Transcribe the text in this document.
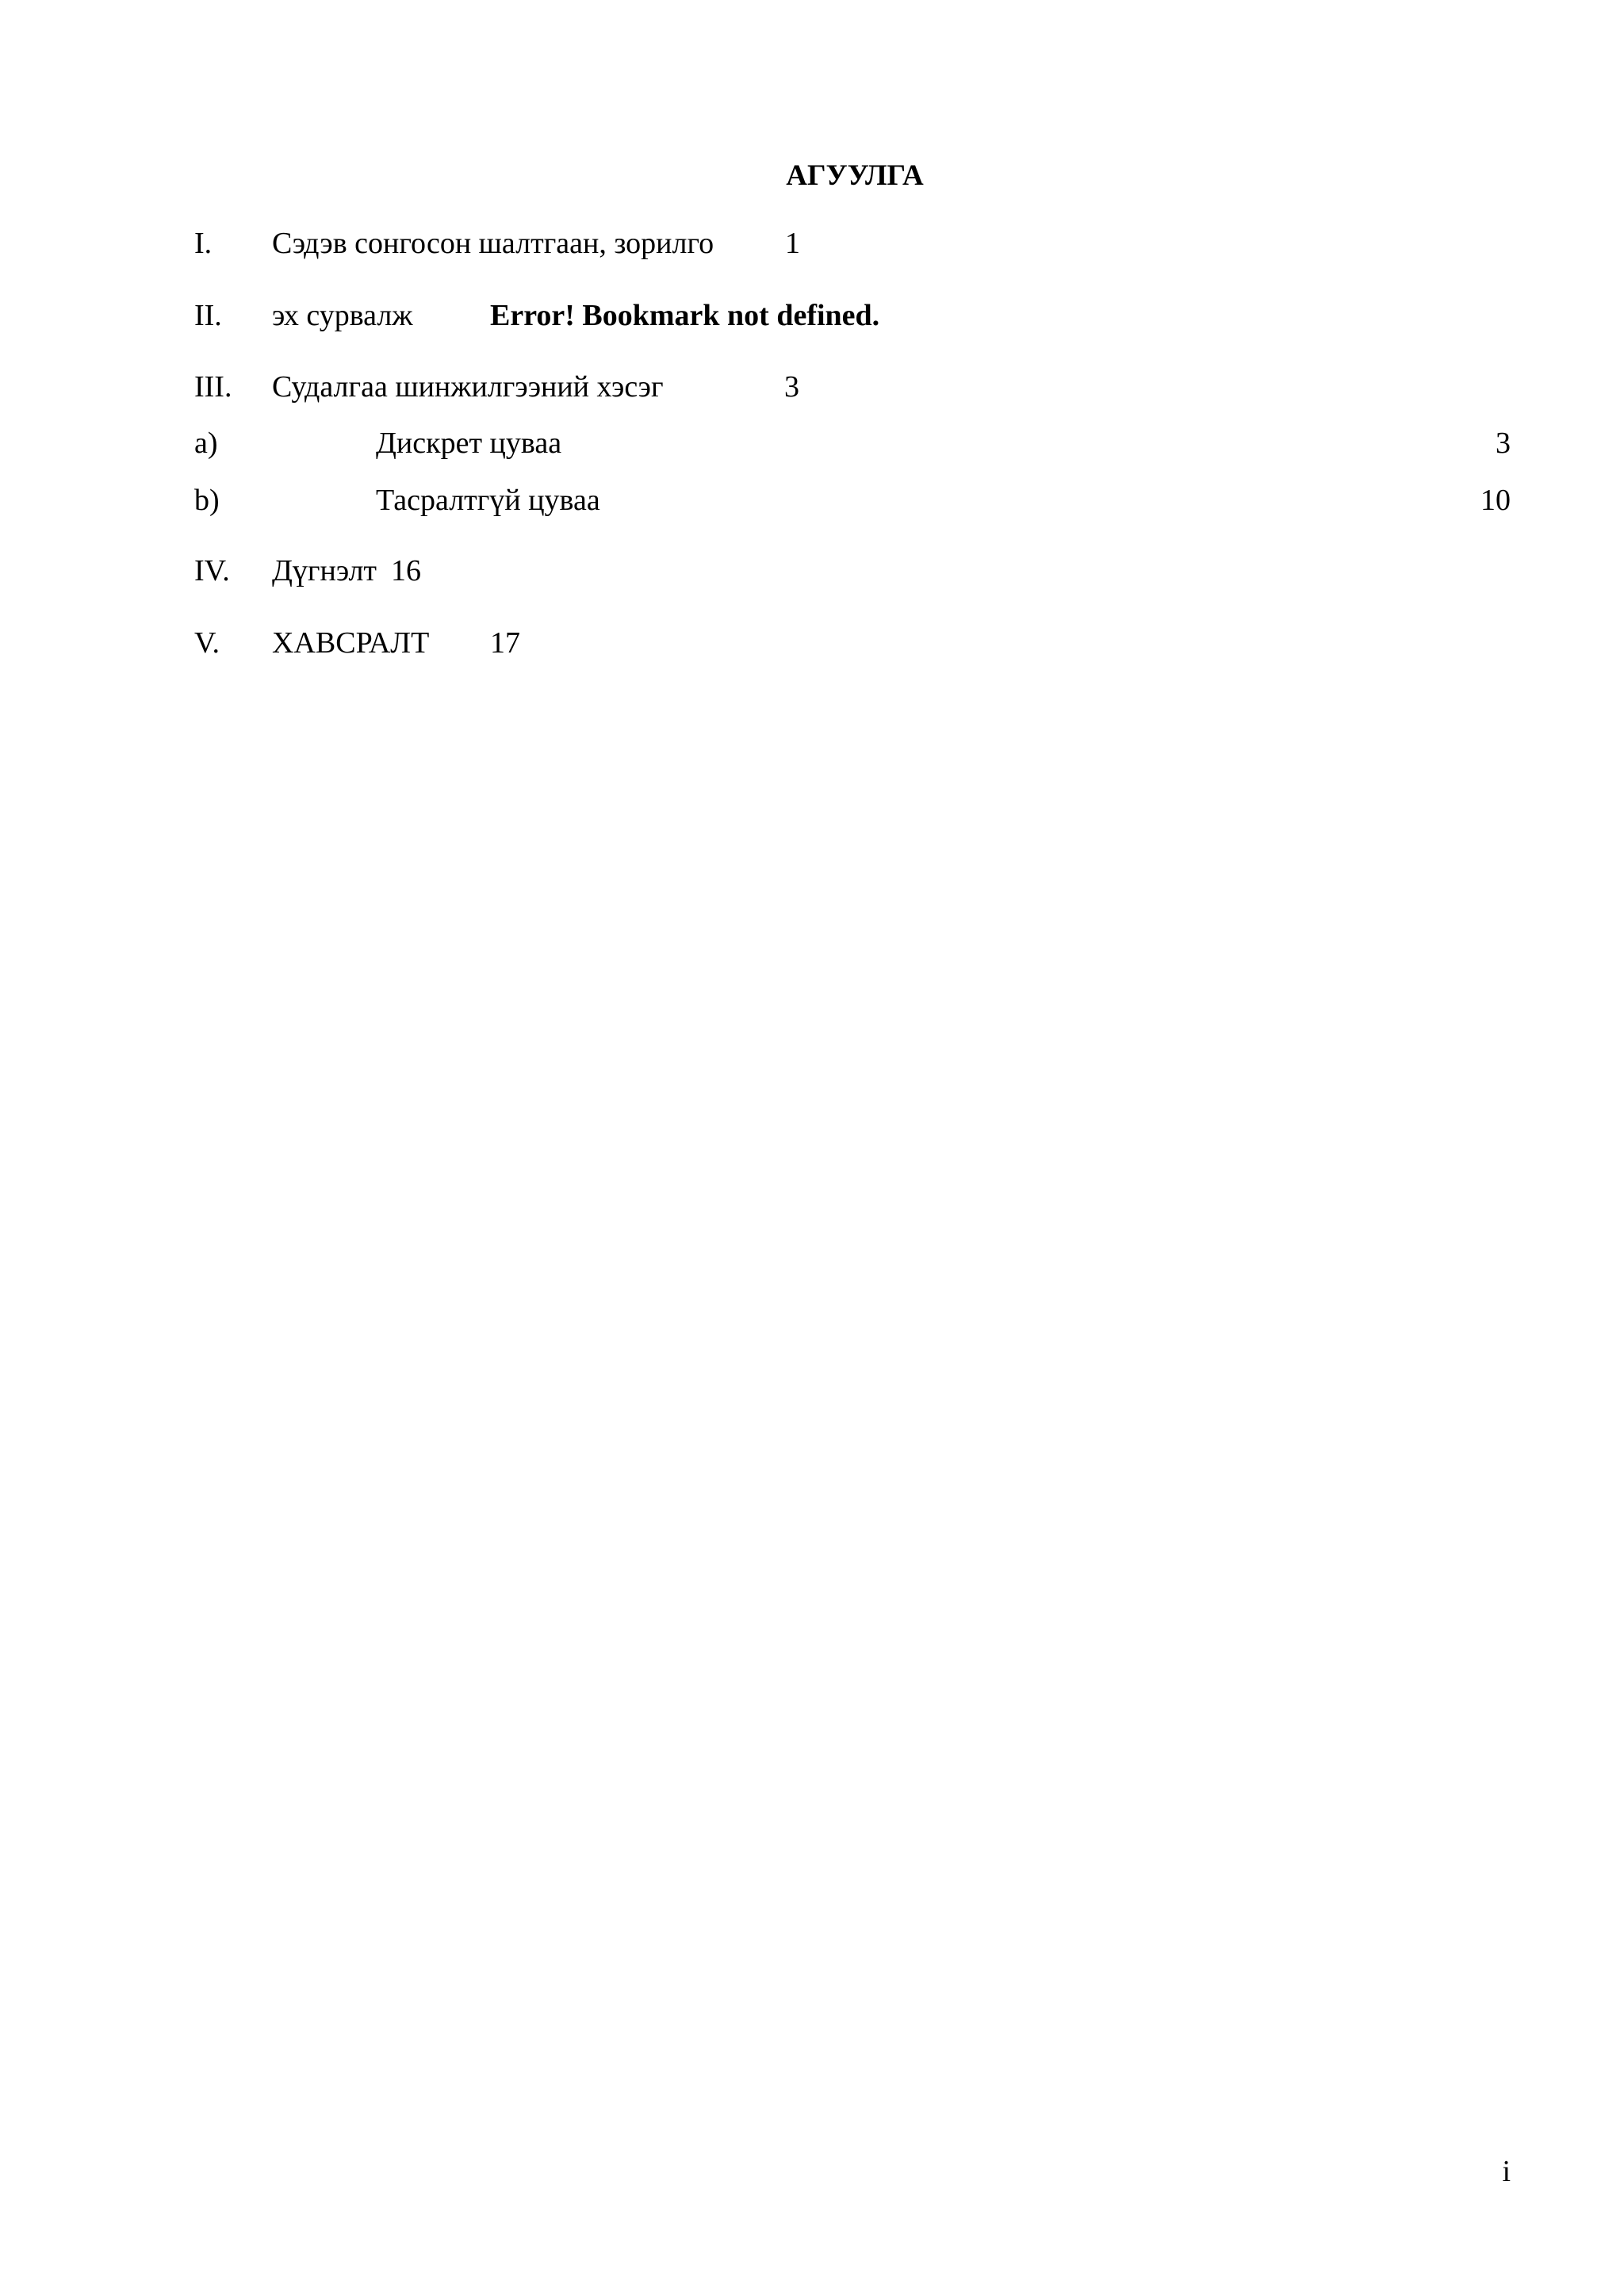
АГУУЛГА
I. Сэдэв сонгосон шалтгаан, зорилго 1
II. эх сурвалж	Error! Bookmark not defined.
III. Судалгаа шинжилгээний хэсэг	3
a)	Дискрет цуваа	3
b)	Тасралтгүй цуваа	10
IV. Дүгнэлт 16
V. ХАВСРАЛТ 17
i
